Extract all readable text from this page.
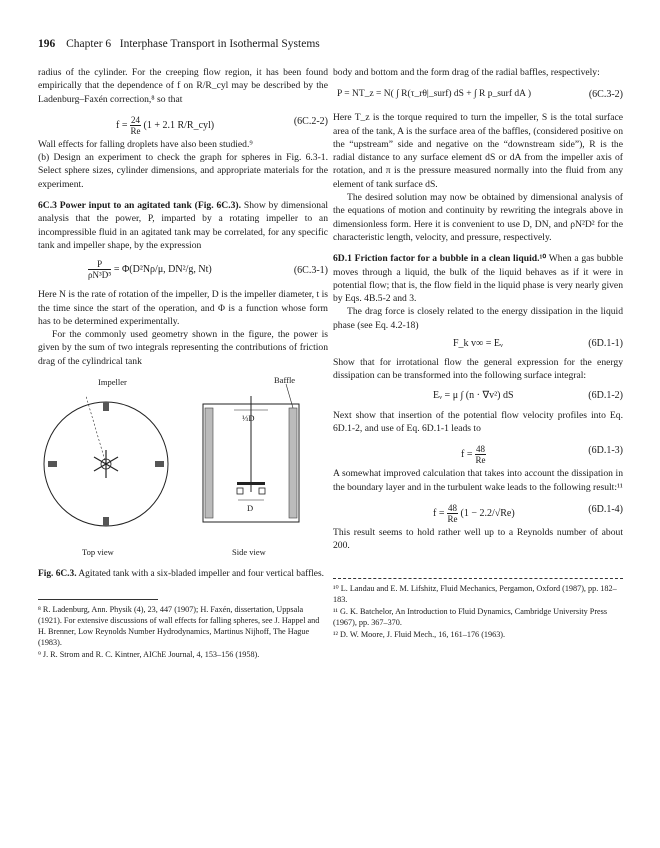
196 Chapter 6 Interphase Transport in Isothermal Systems

radius of the cylinder. For the creeping flow region, it has been found empirically that the dependence of f on R/R_cyl may be described by the Ladenburg–Faxén correction,⁸ so that

$f = \frac{24}{Re} (1 + 2.1$ R/R_cyl)	(6C.2-2)

Wall effects for falling droplets have also been studied.⁹

(b) Design an experiment to check the graph for spheres in Fig. 6.3-1. Select sphere sizes, cylinder dimensions, and appropriate materials for the experiment.

6C.3 Power input to an agitated tank (Fig. 6C.3). Show by dimensional analysis that the power, P, imparted by a rotating impeller to an incompressible fluid in an agitated tank may be correlated, for any specific tank and impeller shape, by the expression

$\frac{P}{\text{ρN³D⁵}} = \Phi(D^2N\rho/\mu$, DN²/g, Nt)	(6C.3-1)

Here N is the rate of rotation of the impeller, D is the impeller diameter, t is the time since the start of the operation, and Φ is a function whose form has to be determined experimentally.

For the commonly used geometry shown in the figure, the power is given by the sum of two integrals representing the contributions of friction drag of the cylindrical tank

Impeller	Baffle
⅓D
D
Top view	Side view

Fig. 6C.3. Agitated tank with a six-bladed impeller and four vertical baffles.

⁸ R. Ladenburg, Ann. Physik (4), 23, 447 (1907); H. Faxén, dissertation, Uppsala (1921). For extensive discussions of wall effects for falling spheres, see J. Happel and H. Brenner, Low Reynolds Number Hydrodynamics, Martinus Nijhoff, The Hague (1983).

⁹ J. R. Strom and R. C. Kintner, AIChE Journal, 4, 153–156 (1958).

body and bottom and the form drag of the radial baffles, respectively:

P = NT_z = N( ∫ R(τ_rθ|_surf) dS + ∫ R p_surf dA )	(6C.3-2)

Here T_z is the torque required to turn the impeller, S is the total surface area of the tank, A is the surface area of the baffles, (considered positive on the “upstream” side and negative on the “downstream side”), R is the radial distance to any surface element dS or dA from the impeller axis of rotation, and π is the pressure measured normally into the fluid from any element of tank surface dS.

The desired solution may now be obtained by dimensional analysis of the equations of motion and continuity by rewriting the integrals above in dimensionless form. Here it is convenient to use D, DN, and ρN²D² for the characteristic length, velocity, and pressure, respectively.

6D.1 Friction factor for a bubble in a clean liquid.¹⁰ When a gas bubble moves through a liquid, the bulk of the liquid behaves as if it were in potential flow; that is, the flow field in the liquid phase is very nearly given by Eqs. 4B.5-2 and 3.

The drag force is closely related to the energy dissipation in the liquid phase (see Eq. 4.2-18)

F_k v∞ = Eᵥ	(6D.1-1)

Show that for irrotational flow the general expression for the energy dissipation can be transformed into the following surface integral:

Eᵥ = μ ∫ (n · ∇v²) dS	(6D.1-2)

Next show that insertion of the potential flow velocity profiles into Eq. 6D.1-2, and use of Eq. 6D.1-1 leads to

$f = \frac{48}{Re}$	(6D.1-3)

A somewhat improved calculation that takes into account the dissipation in the boundary layer and in the turbulent wake leads to the following result:¹¹

$f = \frac{48}{Re} (1 - 2.2/√Re)$	(6D.1-4)

This result seems to hold rather well up to a Reynolds number of about 200.

¹⁰ L. Landau and E. M. Lifshitz, Fluid Mechanics, Pergamon, Oxford (1987), pp. 182–183.

¹¹ G. K. Batchelor, An Introduction to Fluid Dynamics, Cambridge University Press (1967), pp. 367–370.

¹² D. W. Moore, J. Fluid Mech., 16, 161–176 (1963).
